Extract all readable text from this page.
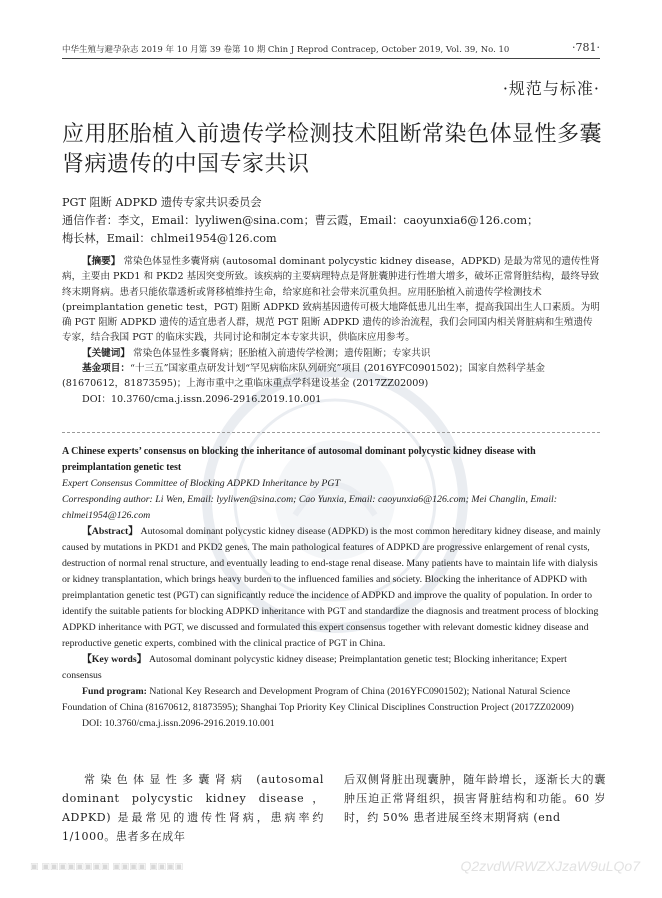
中华生殖与避孕杂志 2019 年 10 月第 39 卷第 10 期 Chin J Reprod Contracep, October 2019, Vol. 39, No. 10	·781·
·规范与标准·
应用胚胎植入前遗传学检测技术阻断常染色体显性多囊肾病遗传的中国专家共识

PGT 阻断 ADPKD 遗传专家共识委员会

通信作者：李文，Email：lyyliwen@sina.com；曹云霞，Email：caoyunxia6@126.com；

梅长林，Email：chlmei1954@126.com

【摘要】 常染色体显性多囊肾病 (autosomal dominant polycystic kidney disease，ADPKD) 是最为常见的遗传性肾病，主要由 PKD1 和 PKD2 基因突变所致。该疾病的主要病理特点是肾脏囊肿进行性增大增多，破坏正常肾脏结构，最终导致终末期肾病。患者只能依靠透析或肾移植维持生命，给家庭和社会带来沉重负担。应用胚胎植入前遗传学检测技术 (preimplantation genetic test，PGT) 阻断 ADPKD 致病基因遗传可极大地降低患儿出生率，提高我国出生人口素质。为明确 PGT 阻断 ADPKD 遗传的适宜患者人群，规范 PGT 阻断 ADPKD 遗传的诊治流程，我们会同国内相关肾脏病和生殖遗传专家，结合我国 PGT 的临床实践，共同讨论和制定本专家共识，供临床应用参考。

【关键词】 常染色体显性多囊肾病；胚胎植入前遗传学检测；遗传阻断；专家共识

基金项目：“十三五”国家重点研发计划“罕见病临床队列研究”项目 (2016YFC0901502)；国家自然科学基金 (81670612，81873595)；上海市重中之重临床重点学科建设基金 (2017ZZ02009)

DOI：10.3760/cma.j.issn.2096-2916.2019.10.001

A Chinese experts’ consensus on blocking the inheritance of autosomal dominant polycystic kidney disease with preimplantation genetic test

Expert Consensus Committee of Blocking ADPKD Inheritance by PGT

Corresponding author: Li Wen, Email: lyyliwen@sina.com; Cao Yunxia, Email: caoyunxia6@126.com; Mei Changlin, Email: chlmei1954@126.com

【Abstract】 Autosomal dominant polycystic kidney disease (ADPKD) is the most common hereditary kidney disease, and mainly caused by mutations in PKD1 and PKD2 genes. The main pathological features of ADPKD are progressive enlargement of renal cysts, destruction of normal renal structure, and eventually leading to end-stage renal disease. Many patients have to maintain life with dialysis or kidney transplantation, which brings heavy burden to the influenced families and society. Blocking the inheritance of ADPKD with preimplantation genetic test (PGT) can significantly reduce the incidence of ADPKD and improve the quality of population. In order to identify the suitable patients for blocking ADPKD inheritance with PGT and standardize the diagnosis and treatment process of blocking ADPKD inheritance with PGT, we discussed and formulated this expert consensus together with relevant domestic kidney disease and reproductive genetic experts, combined with the clinical practice of PGT in China.

【Key words】 Autosomal dominant polycystic kidney disease; Preimplantation genetic test; Blocking inheritance; Expert consensus

Fund program: National Key Research and Development Program of China (2016YFC0901502); National Natural Science Foundation of China (81670612, 81873595); Shanghai Top Priority Key Clinical Disciplines Construction Project (2017ZZ02009)

DOI: 10.3760/cma.j.issn.2096-2916.2019.10.001

常染色体显性多囊肾病 (autosomal dominant polycystic kidney disease，ADPKD) 是最常见的遗传性肾病，患病率约 1/1000。患者多在成年

后双侧肾脏出现囊肿，随年龄增长，逐渐长大的囊肿压迫正常肾组织，损害肾脏结构和功能。60 岁时，约 50% 患者进展至终末期肾病 (end

▣ ▣▣▣▣▣▣▣▣ ▣▣▣▣ ▣▣▣▣	Q2zvdWRWZXJzaW9uLQo7
